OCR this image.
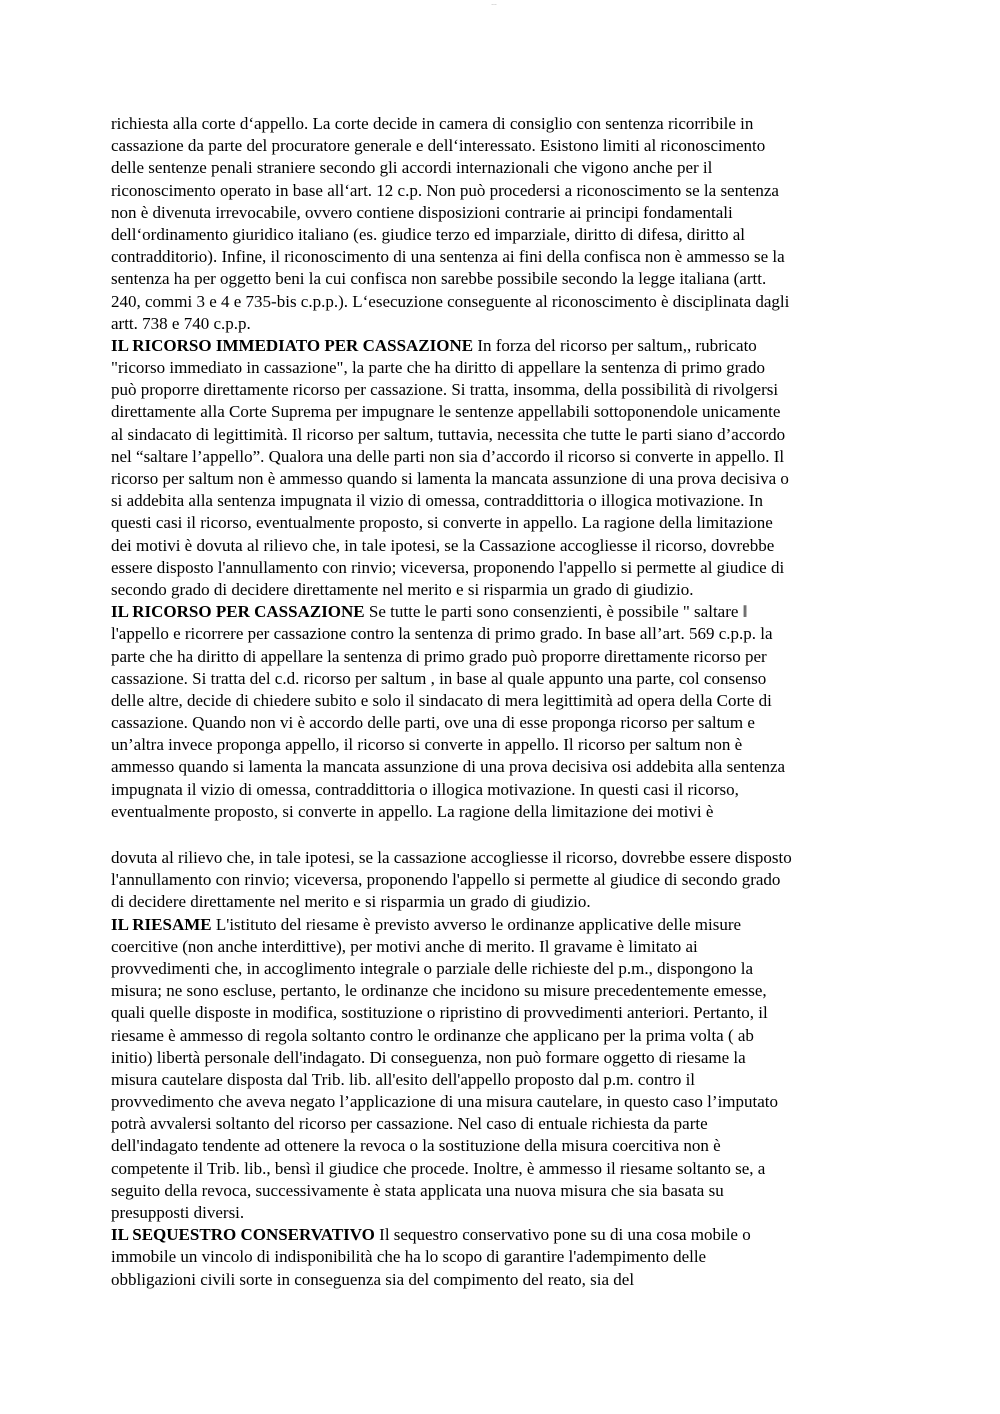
…
richiesta alla corte d‘appello. La corte decide in camera di consiglio con sentenza ricorribile in
cassazione da parte del procuratore generale e dell‘interessato. Esistono limiti al riconoscimento
delle sentenze penali straniere secondo gli accordi internazionali che vigono anche per il
riconoscimento operato in base all‘art. 12 c.p. Non può procedersi a riconoscimento se la sentenza
non è divenuta irrevocabile, ovvero contiene disposizioni contrarie ai principi fondamentali
dell‘ordinamento giuridico italiano (es. giudice terzo ed imparziale, diritto di difesa, diritto al
contradditorio). Infine, il riconoscimento di una sentenza ai fini della confisca non è ammesso se la
sentenza ha per oggetto beni la cui confisca non sarebbe possibile secondo la legge italiana (artt.
240, commi 3 e 4 e 735-bis c.p.p.). L‘esecuzione conseguente al riconoscimento è disciplinata dagli
artt. 738 e 740 c.p.p.
IL RICORSO IMMEDIATO PER CASSAZIONE In forza del ricorso per saltum,, rubricato
"ricorso immediato in cassazione", la parte che ha diritto di appellare la sentenza di primo grado
può proporre direttamente ricorso per cassazione. Si tratta, insomma, della possibilità di rivolgersi
direttamente alla Corte Suprema per impugnare le sentenze appellabili sottoponendole unicamente
al sindacato di legittimità. Il ricorso per saltum, tuttavia, necessita che tutte le parti siano d’accordo
nel “saltare l’appello”. Qualora una delle parti non sia d’accordo il ricorso si converte in appello. Il
ricorso per saltum non è ammesso quando si lamenta la mancata assunzione di una prova decisiva o
si addebita alla sentenza impugnata il vizio di omessa, contraddittoria o illogica motivazione. In
questi casi il ricorso, eventualmente proposto, si converte in appello. La ragione della limitazione
dei motivi è dovuta al rilievo che, in tale ipotesi, se la Cassazione accogliesse il ricorso, dovrebbe
essere disposto l'annullamento con rinvio; viceversa, proponendo l'appello si permette al giudice di
secondo grado di decidere direttamente nel merito e si risparmia un grado di giudizio.
IL RICORSO PER CASSAZIONE Se tutte le parti sono consenzienti, è possibile " saltare ‖
l'appello e ricorrere per cassazione contro la sentenza di primo grado. In base all’art. 569 c.p.p. la
parte che ha diritto di appellare la sentenza di primo grado può proporre direttamente ricorso per
cassazione. Si tratta del c.d. ricorso per saltum , in base al quale appunto una parte, col consenso
delle altre, decide di chiedere subito e solo il sindacato di mera legittimità ad opera della Corte di
cassazione. Quando non vi è accordo delle parti, ove una di esse proponga ricorso per saltum e
un’altra invece proponga appello, il ricorso si converte in appello. Il ricorso per saltum non è
ammesso quando si lamenta la mancata assunzione di una prova decisiva osi addebita alla sentenza
impugnata il vizio di omessa, contraddittoria o illogica motivazione. In questi casi il ricorso,
eventualmente proposto, si converte in appello. La ragione della limitazione dei motivi è
dovuta al rilievo che, in tale ipotesi, se la cassazione accogliesse il ricorso, dovrebbe essere disposto
l'annullamento con rinvio; viceversa, proponendo l'appello si permette al giudice di secondo grado
di decidere direttamente nel merito e si risparmia un grado di giudizio.
IL RIESAME L'istituto del riesame è previsto avverso le ordinanze applicative delle misure
coercitive (non anche interdittive), per motivi anche di merito. Il gravame è limitato ai
provvedimenti che, in accoglimento integrale o parziale delle richieste del p.m., dispongono la
misura; ne sono escluse, pertanto, le ordinanze che incidono su misure precedentemente emesse,
quali quelle disposte in modifica, sostituzione o ripristino di provvedimenti anteriori. Pertanto, il
riesame è ammesso di regola soltanto contro le ordinanze che applicano per la prima volta ( ab
initio) libertà personale dell'indagato. Di conseguenza, non può formare oggetto di riesame la
misura cautelare disposta dal Trib. lib. all'esito dell'appello proposto dal p.m. contro il
provvedimento che aveva negato l’applicazione di una misura cautelare, in questo caso l’imputato
potrà avvalersi soltanto del ricorso per cassazione. Nel caso di entuale richiesta da parte
dell'indagato tendente ad ottenere la revoca o la sostituzione della misura coercitiva non è
competente il Trib. lib., bensì il giudice che procede. Inoltre, è ammesso il riesame soltanto se, a
seguito della revoca, successivamente è stata applicata una nuova misura che sia basata su
presupposti diversi.
IL SEQUESTRO CONSERVATIVO Il sequestro conservativo pone su di una cosa mobile o
immobile un vincolo di indisponibilità che ha lo scopo di garantire l'adempimento delle
obbligazioni civili sorte in conseguenza sia del compimento del reato, sia del
